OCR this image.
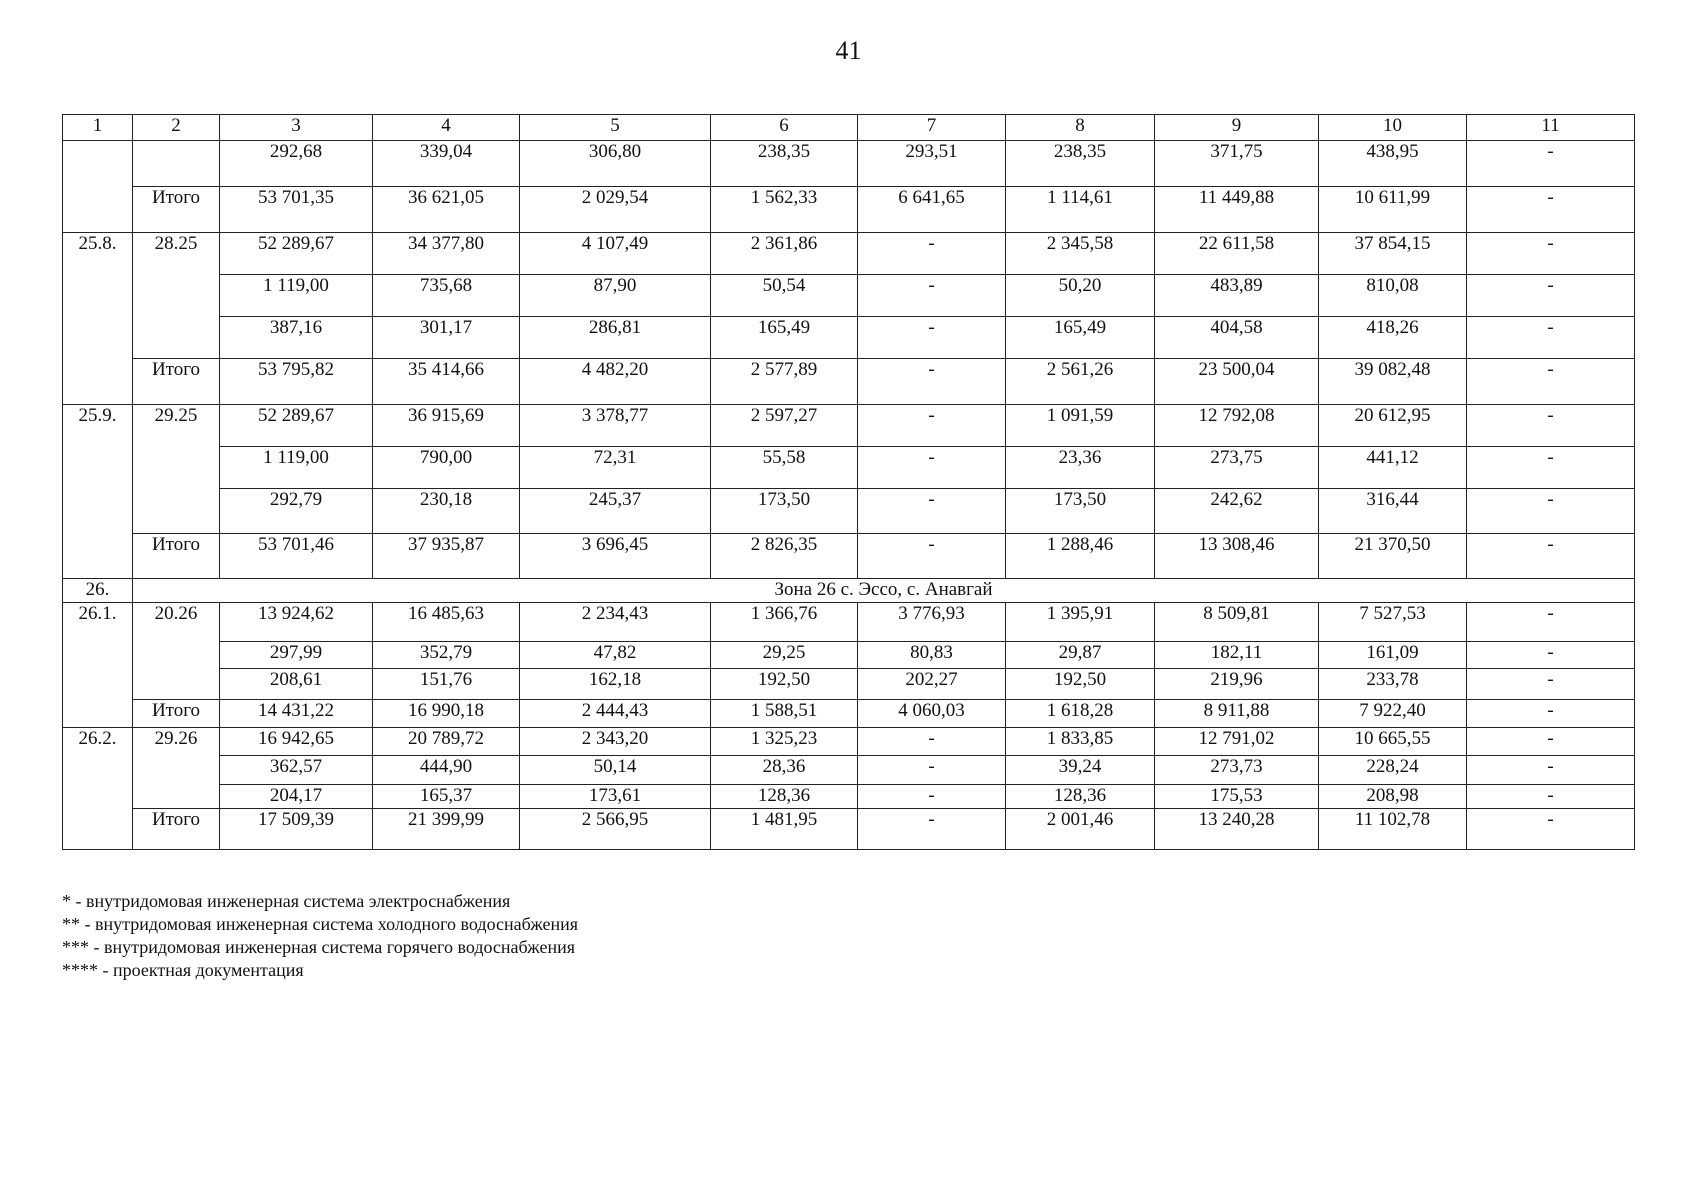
41
1	2	3	4	5	6	7	8	9	10	11
		292,68	339,04	306,80	238,35	293,51	238,35	371,75	438,95	-
	Итого	53 701,35	36 621,05	2 029,54	1 562,33	6 641,65	1 114,61	11 449,88	10 611,99	-
25.8.	28.25	52 289,67	34 377,80	4 107,49	2 361,86	-	2 345,58	22 611,58	37 854,15	-
		1 119,00	735,68	87,90	50,54	-	50,20	483,89	810,08	-
		387,16	301,17	286,81	165,49	-	165,49	404,58	418,26	-
	Итого	53 795,82	35 414,66	4 482,20	2 577,89	-	2 561,26	23 500,04	39 082,48	-
25.9.	29.25	52 289,67	36 915,69	3 378,77	2 597,27	-	1 091,59	12 792,08	20 612,95	-
		1 119,00	790,00	72,31	55,58	-	23,36	273,75	441,12	-
		292,79	230,18	245,37	173,50	-	173,50	242,62	316,44	-
	Итого	53 701,46	37 935,87	3 696,45	2 826,35	-	1 288,46	13 308,46	21 370,50	-
26.	Зона 26 с. Эссо, с. Анавгай									
26.1.	20.26	13 924,62	16 485,63	2 234,43	1 366,76	3 776,93	1 395,91	8 509,81	7 527,53	-
		297,99	352,79	47,82	29,25	80,83	29,87	182,11	161,09	-
		208,61	151,76	162,18	192,50	202,27	192,50	219,96	233,78	-
	Итого	14 431,22	16 990,18	2 444,43	1 588,51	4 060,03	1 618,28	8 911,88	7 922,40	-
26.2.	29.26	16 942,65	20 789,72	2 343,20	1 325,23	-	1 833,85	12 791,02	10 665,55	-
		362,57	444,90	50,14	28,36	-	39,24	273,73	228,24	-
		204,17	165,37	173,61	128,36	-	128,36	175,53	208,98	-
	Итого	17 509,39	21 399,99	2 566,95	1 481,95	-	2 001,46	13 240,28	11 102,78	-
* - внутридомовая инженерная система электроснабжения
** - внутридомовая инженерная система холодного водоснабжения
*** - внутридомовая инженерная система горячего водоснабжения
**** - проектная документация
